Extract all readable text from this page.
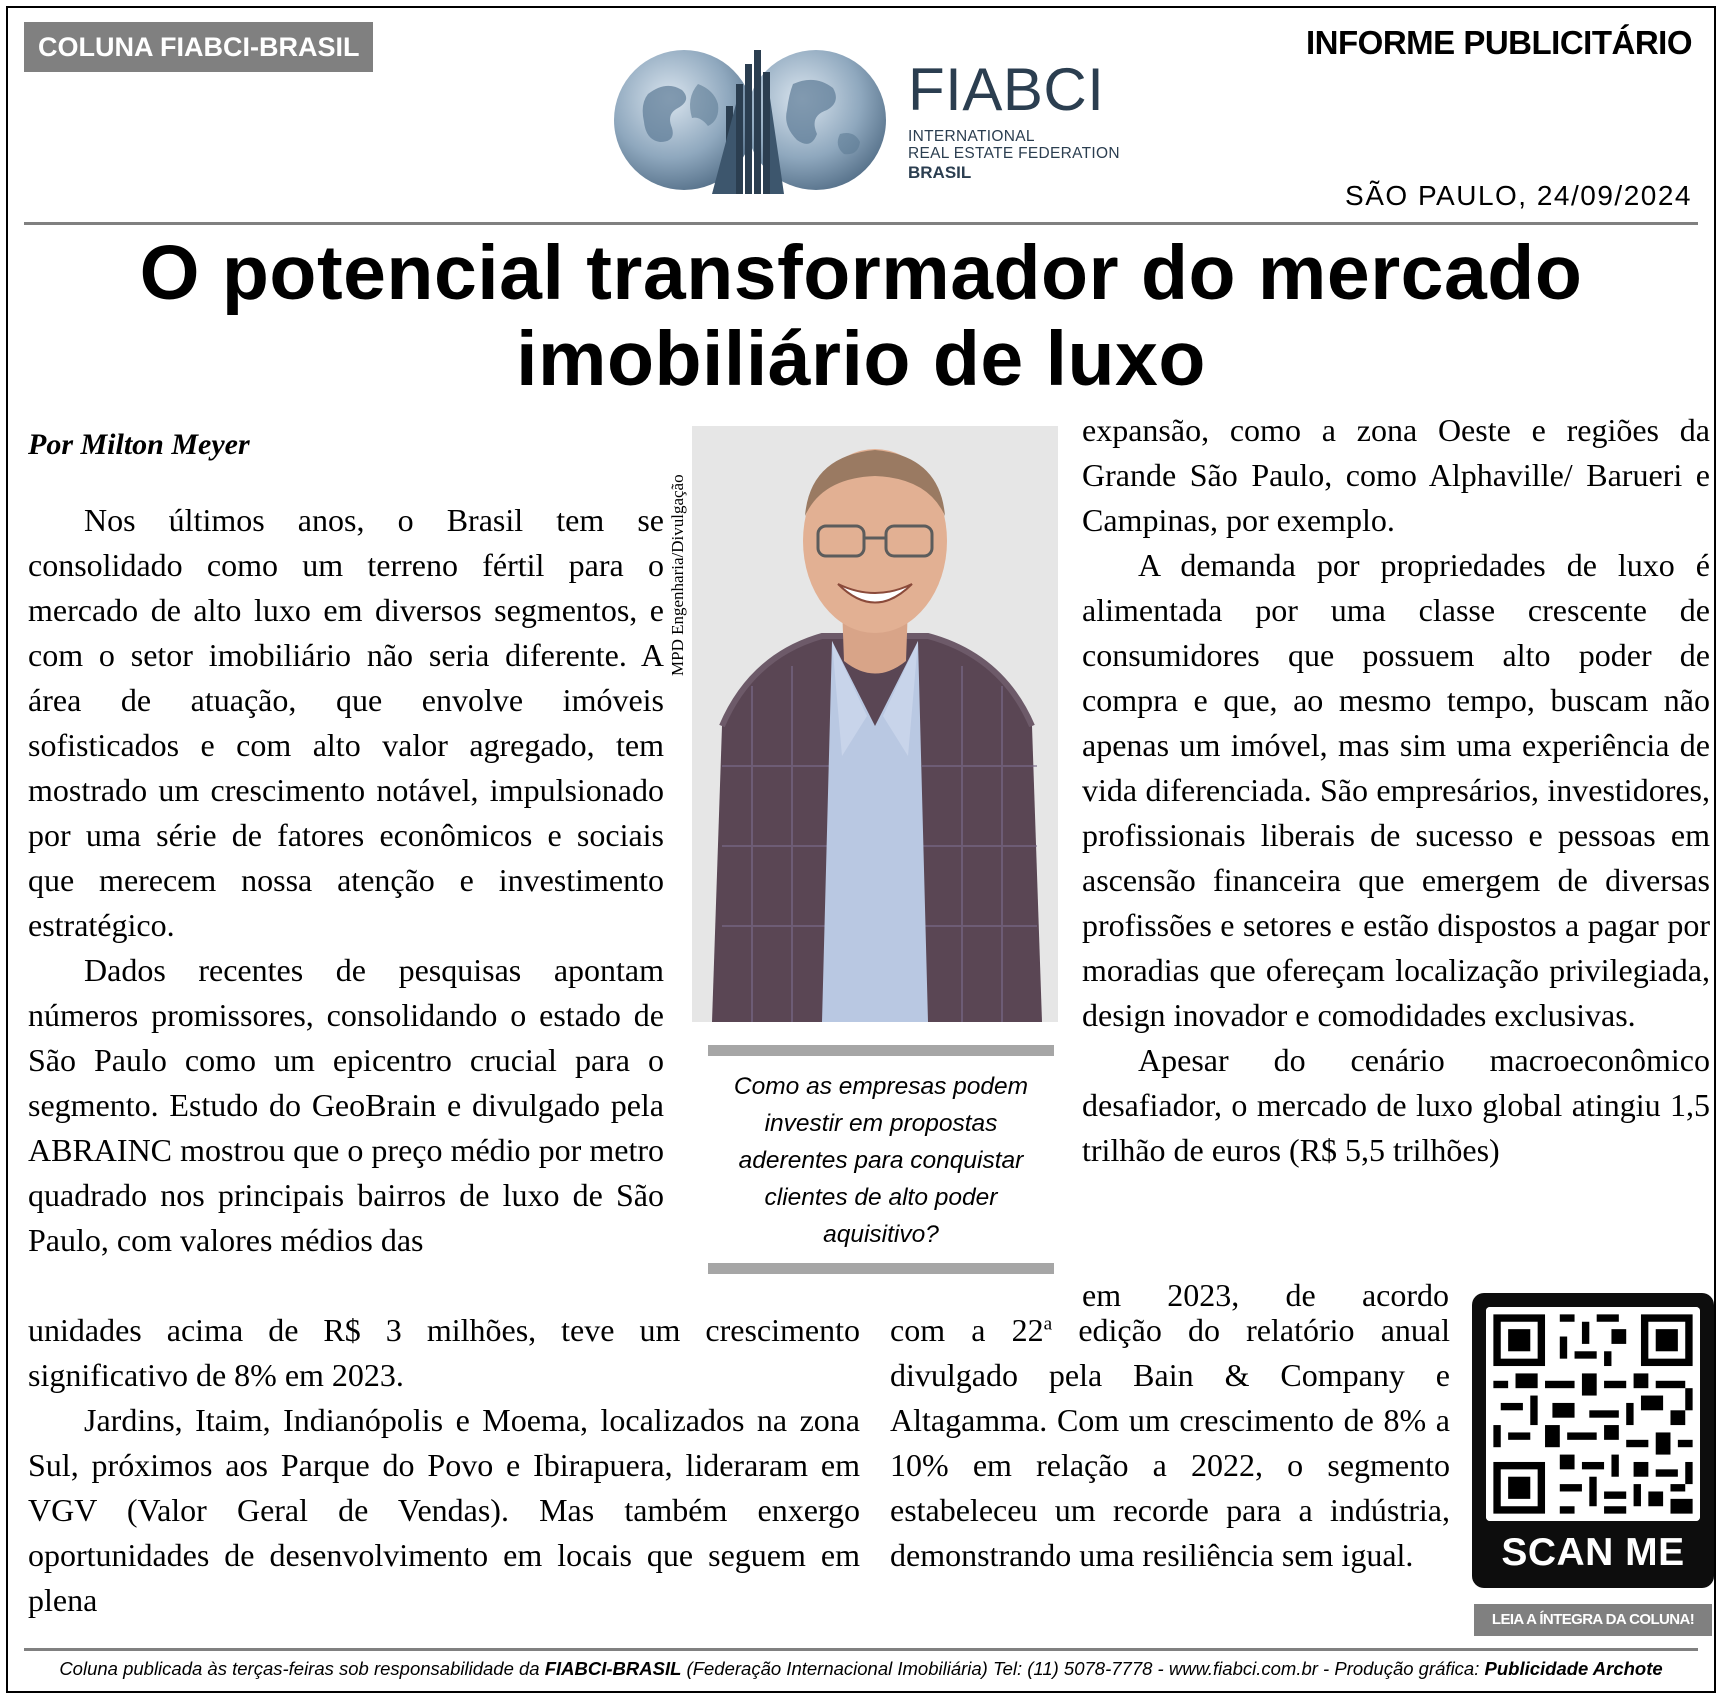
COLUNA FIABCI-BRASIL	INFORME PUBLICITÁRIO
FIABCI
INTERNATIONAL
REAL ESTATE FEDERATION
BRASIL
SÃO PAULO, 24/09/2024
O potencial transformador do mercado
imobiliário de luxo
Por Milton Meyer

Nos últimos anos, o Brasil tem se consolidado como um terreno fértil para o mercado de alto luxo em diversos segmentos, e com o setor imobiliário não seria diferente. A área de atuação, que envolve imóveis sofisticados e com alto valor agregado, tem mostrado um crescimento notável, impulsionado por uma série de fatores econômicos e sociais que merecem nossa atenção e investimento estratégico.

Dados recentes de pesquisas apontam números promissores, consolidando o estado de São Paulo como um epicentro crucial para o segmento. Estudo do GeoBrain e divulgado pela ABRAINC mostrou que o preço médio por metro quadrado nos principais bairros de luxo de São Paulo, com valores médios das

unidades acima de R$ 3 milhões, teve um crescimento significativo de 8% em 2023.

Jardins, Itaim, Indianópolis e Moema, localizados na zona Sul, próximos aos Parque do Povo e Ibirapuera, lideraram em VGV (Valor Geral de Vendas). Mas também enxergo oportunidades de desenvolvimento em locais que seguem em plena

MPD Engenharia/Divulgação
Como as empresas podem investir em propostas aderentes para conquistar clientes de alto poder aquisitivo?

expansão, como a zona Oeste e regiões da Grande São Paulo, como Alphaville/ Barueri e Campinas, por exemplo.

A demanda por propriedades de luxo é alimentada por uma classe crescente de consumidores que possuem alto poder de compra e que, ao mesmo tempo, buscam não apenas um imóvel, mas sim uma experiência de vida diferenciada. São empresários, investidores, profissionais liberais de sucesso e pessoas em ascensão financeira que emergem de diversas profissões e setores e estão dispostos a pagar por moradias que ofereçam localização privilegiada, design inovador e comodidades exclusivas.

Apesar do cenário macroeconômico desafiador, o mercado de luxo global atingiu 1,5 trilhão de euros (R$ 5,5 trilhões)

em 2023, de acordo

com a 22$^a$ edição do relatório anual divulgado pela Bain & Company e Altagamma. Com um crescimento de 8% a 10% em relação a 2022, o segmento estabeleceu um recorde para a indústria, demonstrando uma resiliência sem igual.	SCAN ME
LEIA A ÍNTEGRA DA COLUNA!
Coluna publicada às terças-feiras sob responsabilidade da FIABCI-BRASIL (Federação Internacional Imobiliária) Tel: (11) 5078-7778 - www.fiabci.com.br - Produção gráfica: Publicidade Archote
